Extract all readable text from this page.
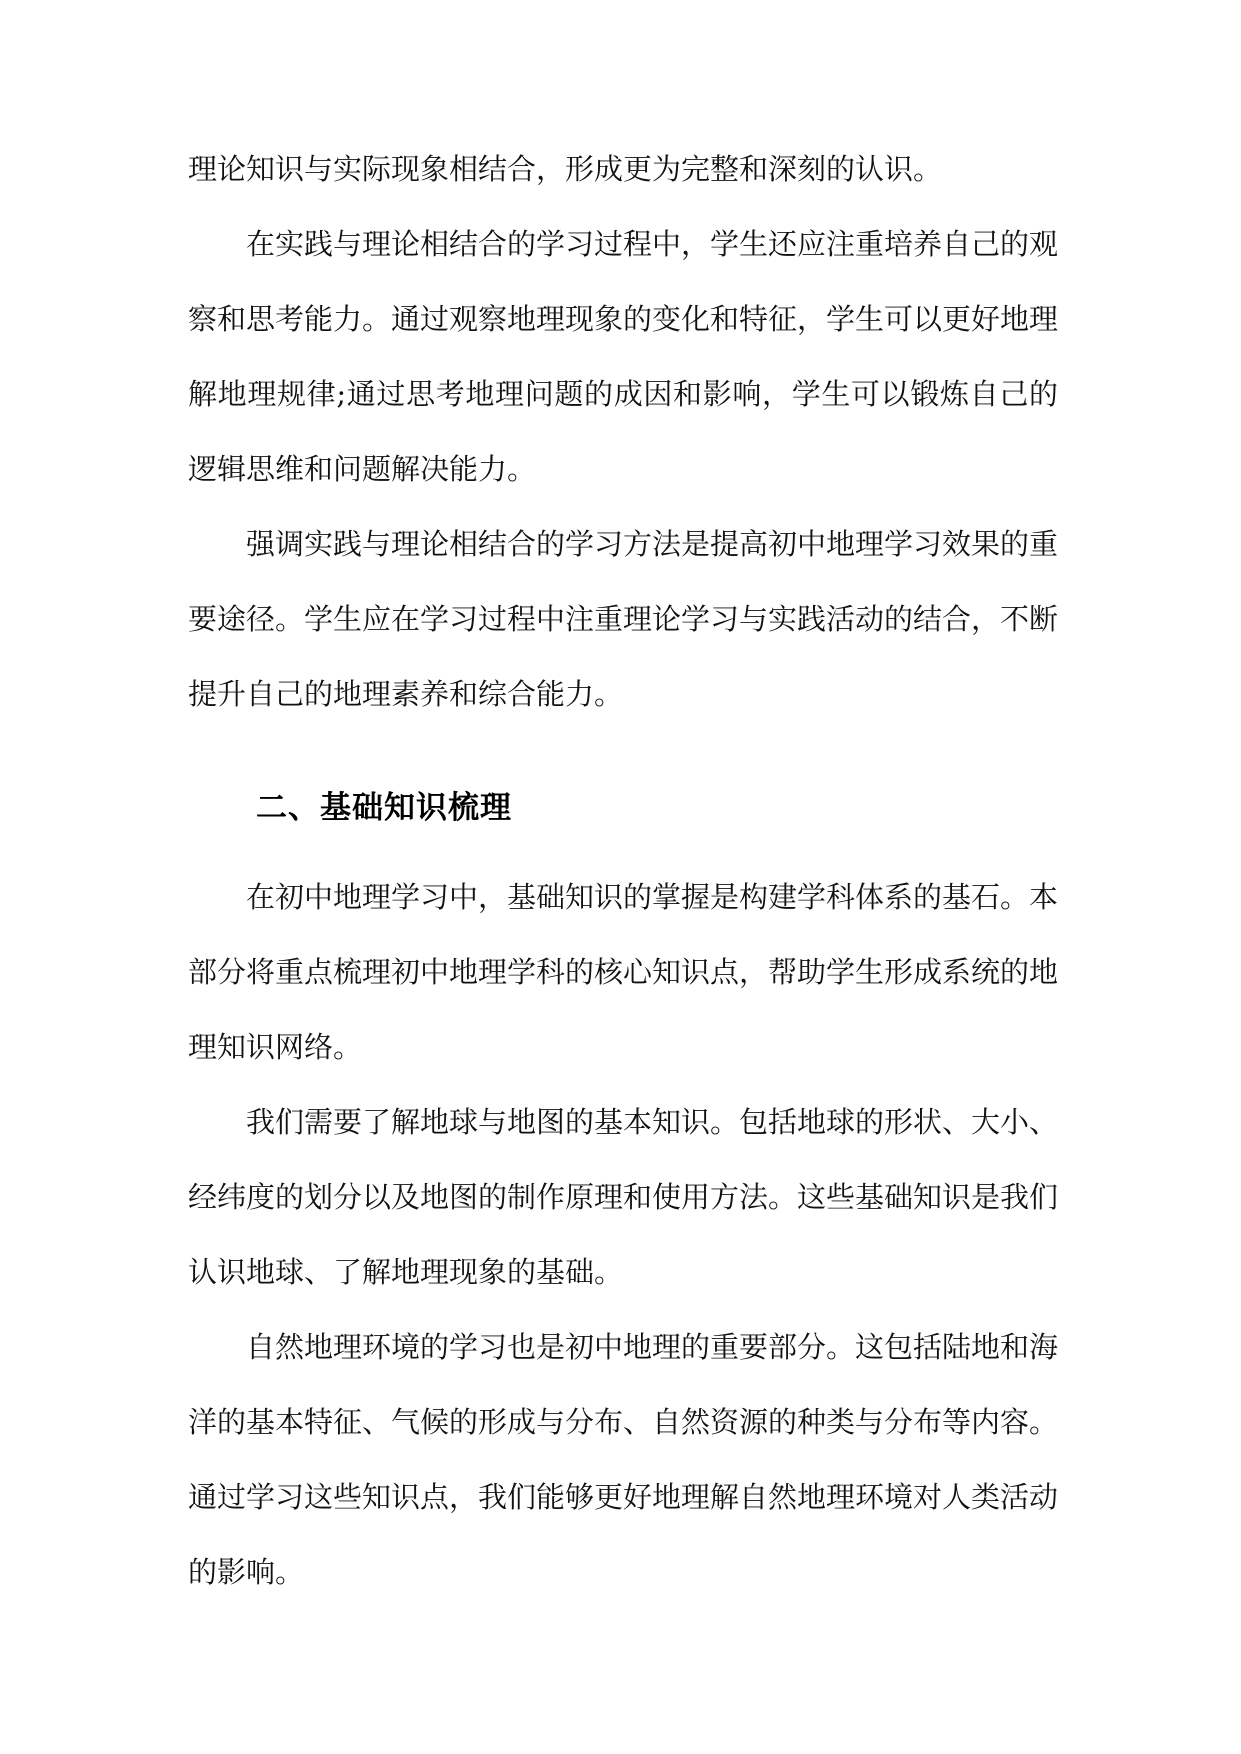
理论知识与实际现象相结合，形成更为完整和深刻的认识。

在实践与理论相结合的学习过程中，学生还应注重培养自己的观察和思考能力。通过观察地理现象的变化和特征，学生可以更好地理解地理规律;通过思考地理问题的成因和影响，学生可以锻炼自己的逻辑思维和问题解决能力。

强调实践与理论相结合的学习方法是提高初中地理学习效果的重要途径。学生应在学习过程中注重理论学习与实践活动的结合，不断提升自己的地理素养和综合能力。

二、基础知识梳理

在初中地理学习中，基础知识的掌握是构建学科体系的基石。本部分将重点梳理初中地理学科的核心知识点，帮助学生形成系统的地理知识网络。

我们需要了解地球与地图的基本知识。包括地球的形状、大小、经纬度的划分以及地图的制作原理和使用方法。这些基础知识是我们认识地球、了解地理现象的基础。

自然地理环境的学习也是初中地理的重要部分。这包括陆地和海洋的基本特征、气候的形成与分布、自然资源的种类与分布等内容。通过学习这些知识点，我们能够更好地理解自然地理环境对人类活动的影响。
